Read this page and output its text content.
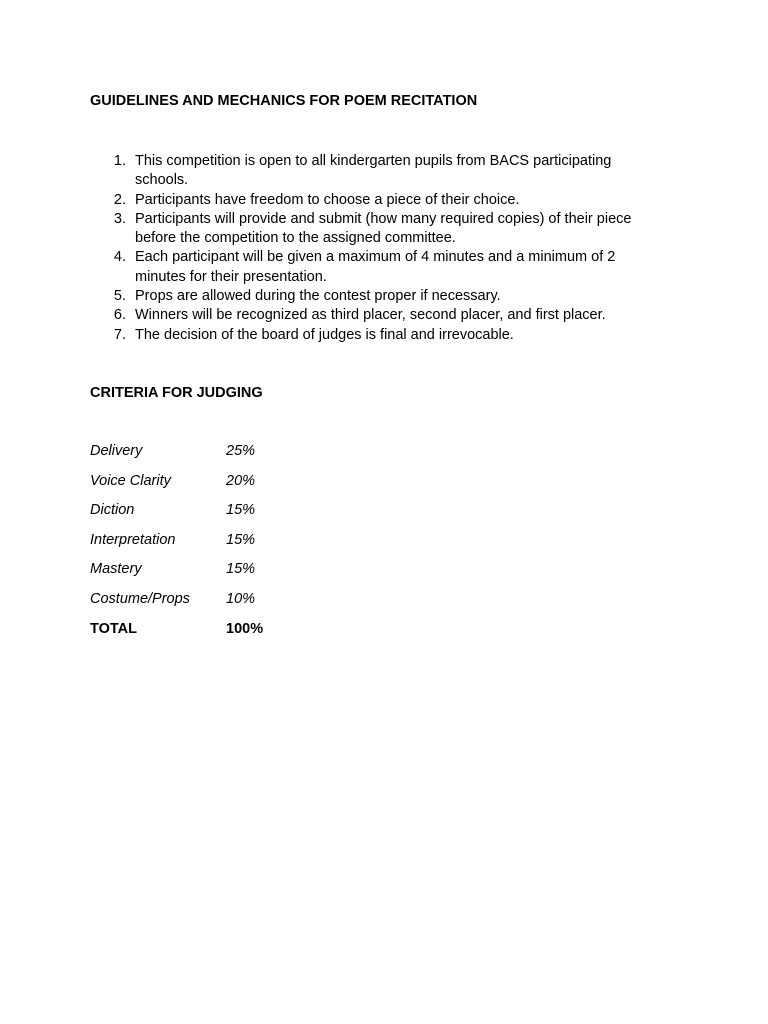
GUIDELINES AND MECHANICS FOR POEM RECITATION
1 . This competition is open to all kindergarten pupils from BACS participating schools.
2 . Participants have freedom to choose a piece of their choice.
3 . Participants will provide and submit (how many required copies) of their piece before the competition to the assigned committee.
4 . Each participant will be given a maximum of 4 minutes and a minimum of 2 minutes for their presentation.
5 . Props are allowed during the contest proper if necessary.
6 . Winners will be recognized as third placer, second placer, and first placer.
7 . The decision of the board of judges is final and irrevocable.
CRITERIA FOR JUDGING
Delivery	25%
Voice Clarity	20%
Diction	15%
Interpretation	15%
Mastery	15%
Costume/Props 10%
TOTAL	100%
